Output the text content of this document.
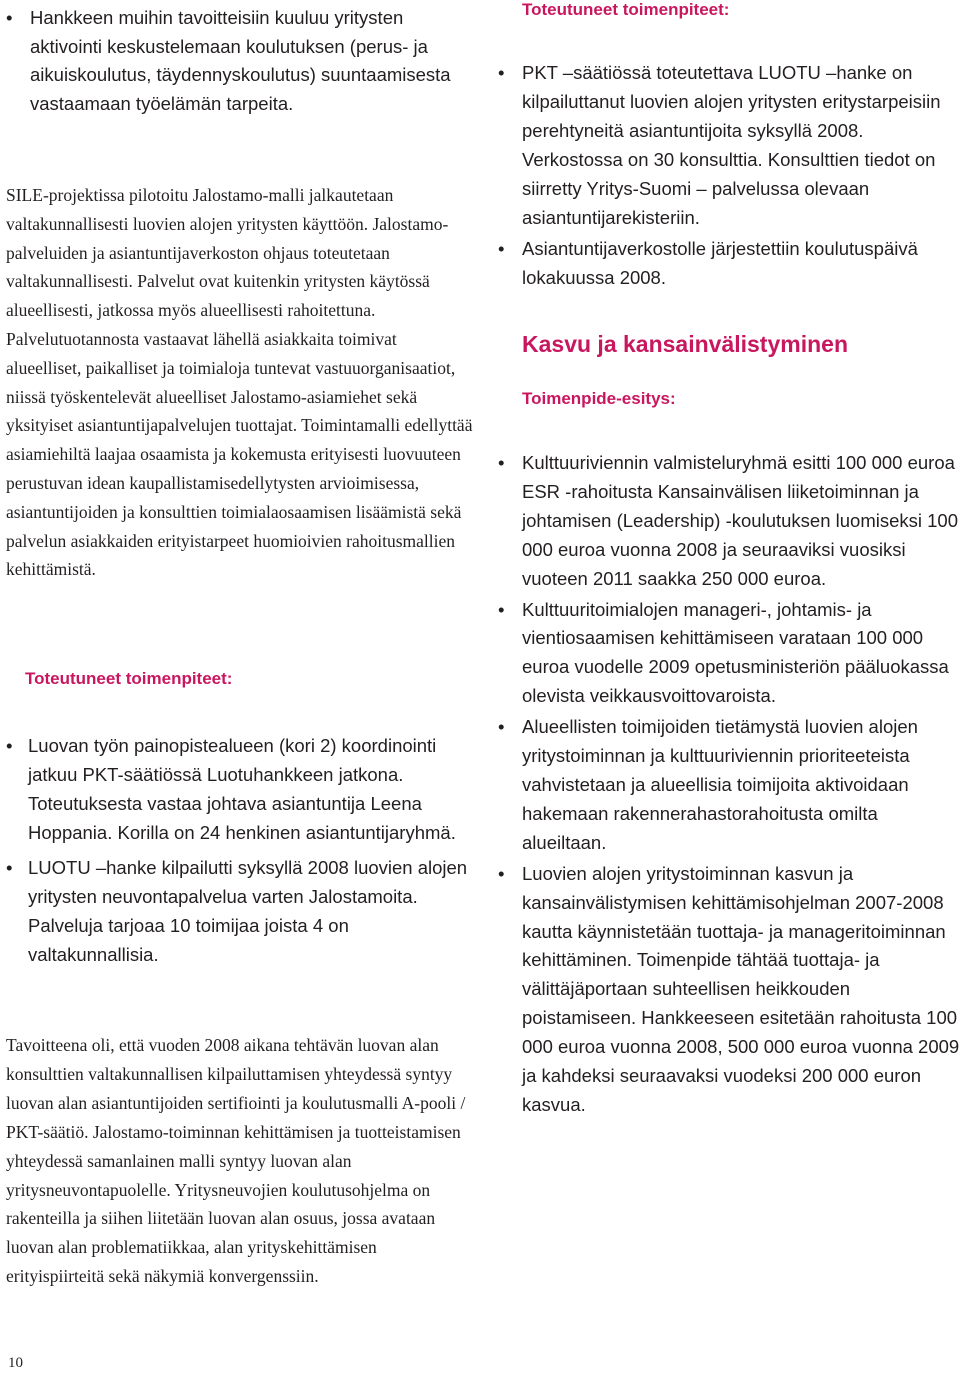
• Hankkeen muihin tavoitteisiin kuuluu yritysten aktivointi keskustelemaan koulutuksen (perus- ja aikuiskoulutus, täydennyskoulutus) suuntaamisesta vastaamaan työelämän tarpeita.

SILE-projektissa pilotoitu Jalostamo-malli jalkautetaan valtakunnallisesti luovien alojen yritysten käyttöön. Jalostamo-palveluiden ja asiantuntijaverkoston ohjaus toteutetaan valtakunnallisesti. Palvelut ovat kuitenkin yritysten käytössä alueellisesti, jatkossa myös alueellisesti rahoitettuna.

Palvelutuotannosta vastaavat lähellä asiakkaita toimivat alueelliset, paikalliset ja toimialoja tuntevat vastuuorganisaatiot, niissä työskentelevät alueelliset Jalostamo-asiamiehet sekä yksityiset asiantuntijapalvelujen tuottajat. Toimintamalli edellyttää asiamiehiltä laajaa osaamista ja kokemusta erityisesti luovuuteen perustuvan idean kaupallistamisedellytysten arvioimisessa, asiantuntijoiden ja konsulttien toimialaosaamisen lisäämistä sekä palvelun asiakkaiden erityistarpeet huomioivien rahoitusmallien kehittämistä.

Toteutuneet toimenpiteet:
• Luovan työn painopistealueen (kori 2) koordinointi jatkuu PKT-säätiössä Luotuhankkeen jatkona. Toteutuksesta vastaa johtava asiantuntija Leena Hoppania. Korilla on 24 henkinen asiantuntijaryhmä.
• LUOTU –hanke kilpailutti syksyllä 2008 luovien alojen yritysten neuvontapalvelua varten Jalostamoita. Palveluja tarjoaa 10 toimijaa joista 4 on valtakunnallisia.

Tavoitteena oli, että vuoden 2008 aikana tehtävän luovan alan konsulttien valtakunnallisen kilpailuttamisen yhteydessä syntyy luovan alan asiantuntijoiden sertifiointi ja koulutusmalli A-pooli / PKT-säätiö. Jalostamo-toiminnan kehittämisen ja tuotteistamisen yhteydessä samanlainen malli syntyy luovan alan yritysneuvontapuolelle. Yritysneuvojien koulutusohjelma on rakenteilla ja siihen liitetään luovan alan osuus, jossa avataan luovan alan problematiikkaa, alan yrityskehittämisen erityispiirteitä sekä näkymiä konvergenssiin.

Toteutuneet toimenpiteet:
• PKT –säätiössä toteutettava LUOTU –hanke on kilpailuttanut luovien alojen yritysten eritystarpeisiin perehtyneitä asiantuntijoita syksyllä 2008. Verkostossa on 30 konsulttia. Konsulttien tiedot on siirretty Yritys-Suomi – palvelussa olevaan asiantuntijarekisteriin.
• Asiantuntijaverkostolle järjestettiin koulutuspäivä lokakuussa 2008.
Kasvu ja kansainvälistyminen
Toimenpide-esitys:
• Kulttuuriviennin valmisteluryhmä esitti 100 000 euroa ESR -rahoitusta Kansainvälisen liiketoiminnan ja johtamisen (Leadership) -koulutuksen luomiseksi 100 000 euroa vuonna 2008 ja seuraaviksi vuosiksi vuoteen 2011 saakka 250 000 euroa.
• Kulttuuritoimialojen manageri-, johtamis- ja vientiosaamisen kehittämiseen varataan 100 000 euroa vuodelle 2009 opetusministeriön pääluokassa olevista veikkausvoittovaroista.
• Alueellisten toimijoiden tietämystä luovien alojen yritystoiminnan ja kulttuuriviennin prioriteeteista vahvistetaan ja alueellisia toimijoita aktivoidaan hakemaan rakennerahastorahoitusta omilta alueiltaan.
• Luovien alojen yritystoiminnan kasvun ja kansainvälistymisen kehittämisohjelman 2007-2008 kautta käynnistetään tuottaja- ja manageritoiminnan kehittäminen. Toimenpide tähtää tuottaja- ja välittäjäportaan suhteellisen heikkouden poistamiseen. Hankkeeseen esitetään rahoitusta 100 000 euroa vuonna 2008, 500 000 euroa vuonna 2009 ja kahdeksi seuraavaksi vuodeksi 200 000 euron kasvua.
10
